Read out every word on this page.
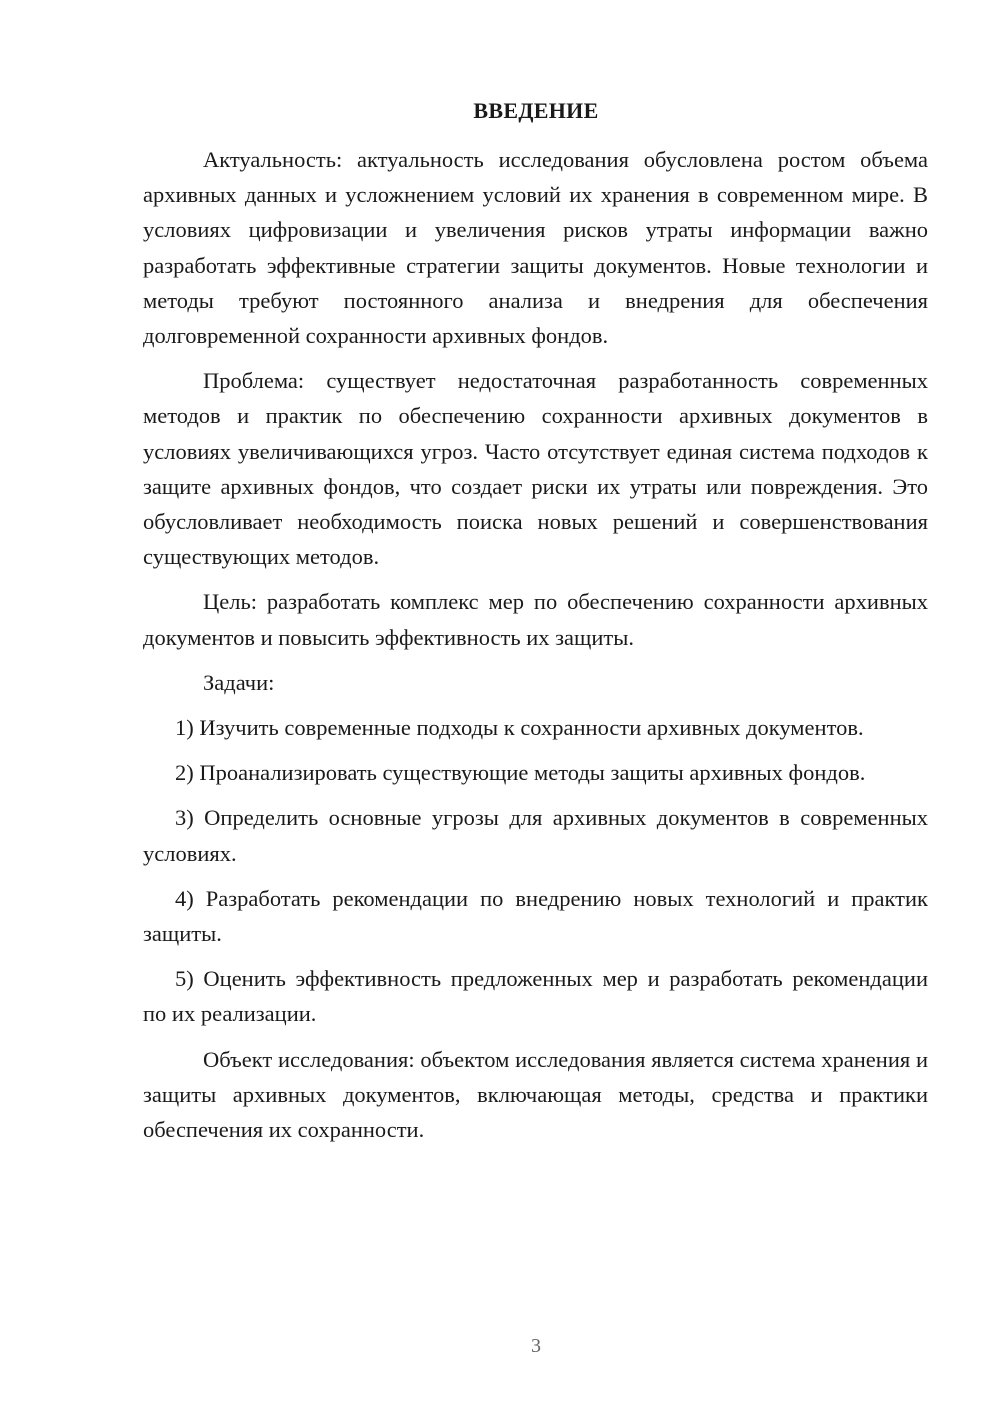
ВВЕДЕНИЕ

Актуальность: актуальность исследования обусловлена ростом объема архивных данных и усложнением условий их хранения в современном мире. В условиях цифровизации и увеличения рисков утраты информации важно разработать эффективные стратегии защиты документов. Новые технологии и методы требуют постоянного анализа и внедрения для обеспечения долговременной сохранности архивных фондов.

Проблема: существует недостаточная разработанность современных методов и практик по обеспечению сохранности архивных документов в условиях увеличивающихся угроз. Часто отсутствует единая система подходов к защите архивных фондов, что создает риски их утраты или повреждения. Это обусловливает необходимость поиска новых решений и совершенствования существующих методов.

Цель: разработать комплекс мер по обеспечению сохранности архивных документов и повысить эффективность их защиты.

Задачи:

1) Изучить современные подходы к сохранности архивных документов.

2) Проанализировать существующие методы защиты архивных фондов.

3) Определить основные угрозы для архивных документов в современных условиях.

4) Разработать рекомендации по внедрению новых технологий и практик защиты.

5) Оценить эффективность предложенных мер и разработать рекомендации по их реализации.

Объект исследования: объектом исследования является система хранения и защиты архивных документов, включающая методы, средства и практики обеспечения их сохранности.

3
